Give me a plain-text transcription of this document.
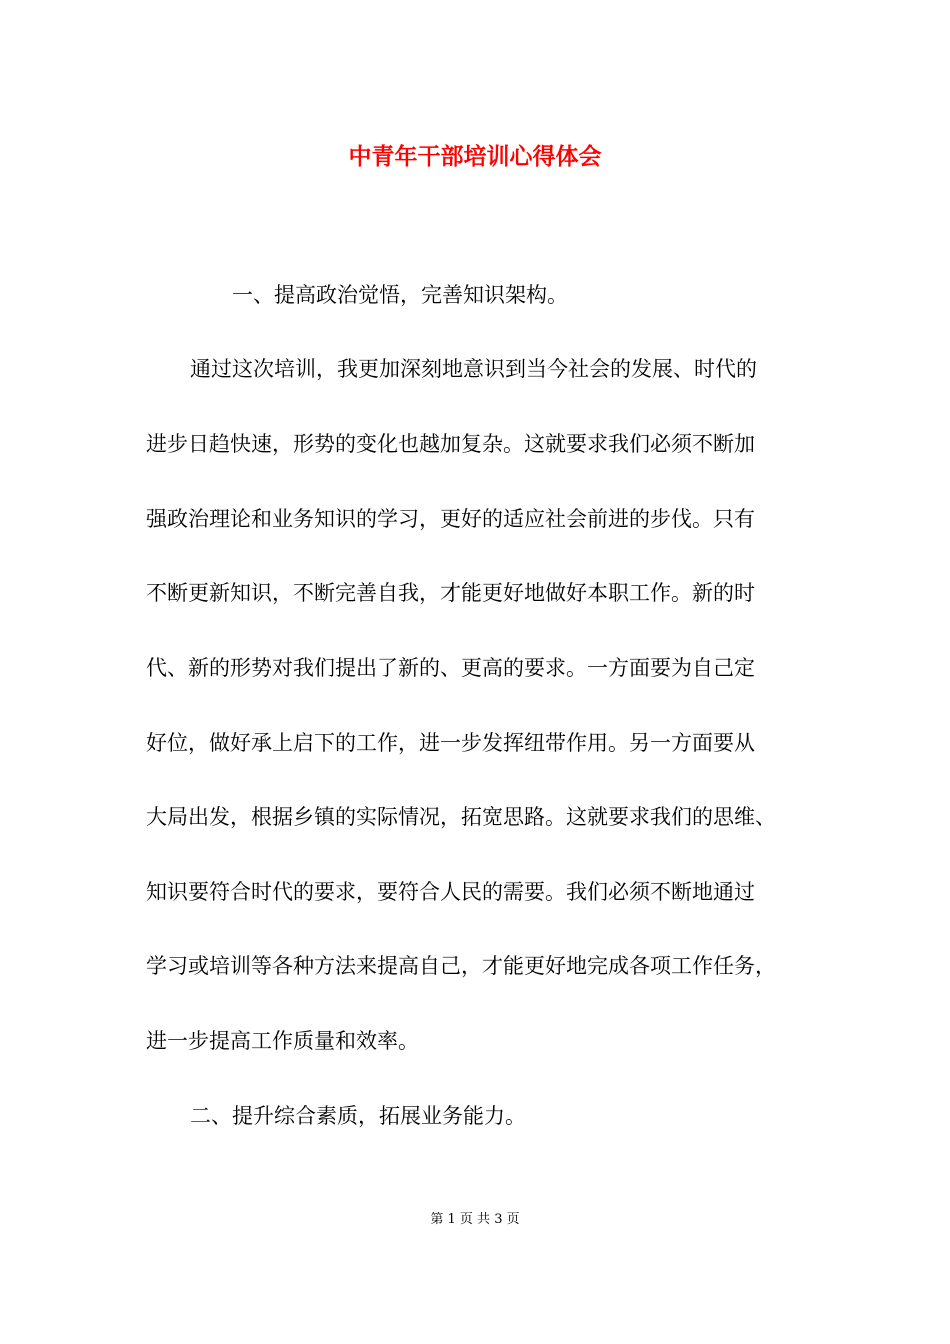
中青年干部培训心得体会
一、提高政治觉悟，完善知识架构。
通过这次培训，我更加深刻地意识到当今社会的发展、时代的
进步日趋快速，形势的变化也越加复杂。这就要求我们必须不断加
强政治理论和业务知识的学习，更好的适应社会前进的步伐。只有
不断更新知识，不断完善自我，才能更好地做好本职工作。新的时
代、新的形势对我们提出了新的、更高的要求。一方面要为自己定
好位，做好承上启下的工作，进一步发挥纽带作用。另一方面要从
大局出发，根据乡镇的实际情况，拓宽思路。这就要求我们的思维、
知识要符合时代的要求，要符合人民的需要。我们必须不断地通过
学习或培训等各种方法来提高自己，才能更好地完成各项工作任务，
进一步提高工作质量和效率。
二、提升综合素质，拓展业务能力。
第 1 页 共 3 页
